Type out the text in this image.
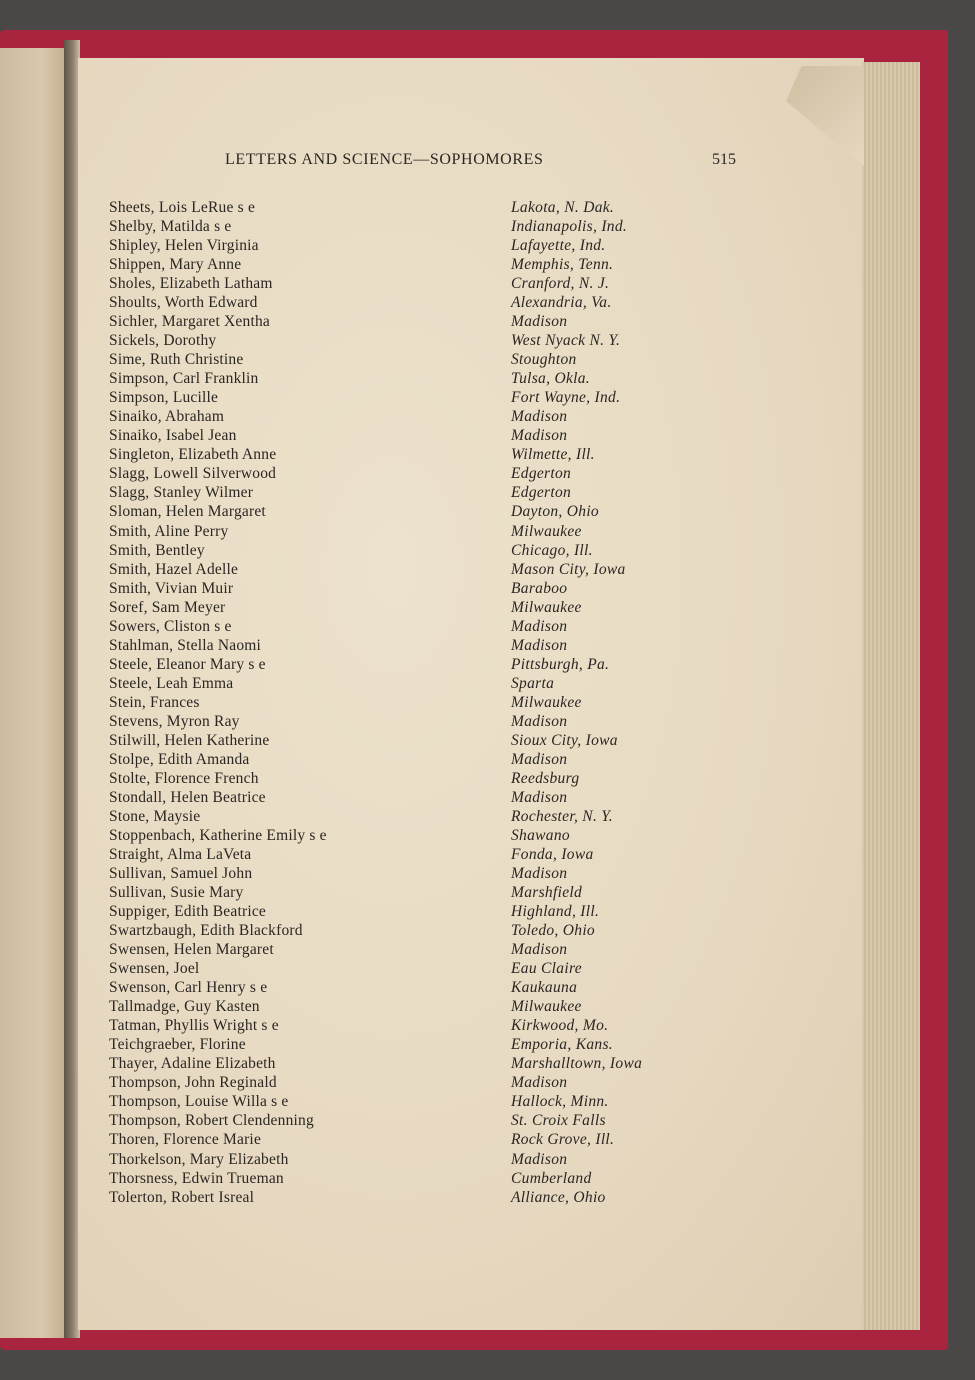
LETTERS AND SCIENCE—SOPHOMORES	515
Sheets, Lois LeRue s e	Lakota, N. Dak.
Shelby, Matilda s e	Indianapolis, Ind.
Shipley, Helen Virginia	Lafayette, Ind.
Shippen, Mary Anne	Memphis, Tenn.
Sholes, Elizabeth Latham	Cranford, N. J.
Shoults, Worth Edward	Alexandria, Va.
Sichler, Margaret Xentha	Madison
Sickels, Dorothy	West Nyack N. Y.
Sime, Ruth Christine	Stoughton
Simpson, Carl Franklin	Tulsa, Okla.
Simpson, Lucille	Fort Wayne, Ind.
Sinaiko, Abraham	Madison
Sinaiko, Isabel Jean	Madison
Singleton, Elizabeth Anne	Wilmette, Ill.
Slagg, Lowell Silverwood	Edgerton
Slagg, Stanley Wilmer	Edgerton
Sloman, Helen Margaret	Dayton, Ohio
Smith, Aline Perry	Milwaukee
Smith, Bentley	Chicago, Ill.
Smith, Hazel Adelle	Mason City, Iowa
Smith, Vivian Muir	Baraboo
Soref, Sam Meyer	Milwaukee
Sowers, Cliston s e	Madison
Stahlman, Stella Naomi	Madison
Steele, Eleanor Mary s e	Pittsburgh, Pa.
Steele, Leah Emma	Sparta
Stein, Frances	Milwaukee
Stevens, Myron Ray	Madison
Stilwill, Helen Katherine	Sioux City, Iowa
Stolpe, Edith Amanda	Madison
Stolte, Florence French	Reedsburg
Stondall, Helen Beatrice	Madison
Stone, Maysie	Rochester, N. Y.
Stoppenbach, Katherine Emily s e	Shawano
Straight, Alma LaVeta	Fonda, Iowa
Sullivan, Samuel John	Madison
Sullivan, Susie Mary	Marshfield
Suppiger, Edith Beatrice	Highland, Ill.
Swartzbaugh, Edith Blackford	Toledo, Ohio
Swensen, Helen Margaret	Madison
Swensen, Joel	Eau Claire
Swenson, Carl Henry s e	Kaukauna
Tallmadge, Guy Kasten	Milwaukee
Tatman, Phyllis Wright s e	Kirkwood, Mo.
Teichgraeber, Florine	Emporia, Kans.
Thayer, Adaline Elizabeth	Marshalltown, Iowa
Thompson, John Reginald	Madison
Thompson, Louise Willa s e	Hallock, Minn.
Thompson, Robert Clendenning	St. Croix Falls
Thoren, Florence Marie	Rock Grove, Ill.
Thorkelson, Mary Elizabeth	Madison
Thorsness, Edwin Trueman	Cumberland
Tolerton, Robert Isreal	Alliance, Ohio
